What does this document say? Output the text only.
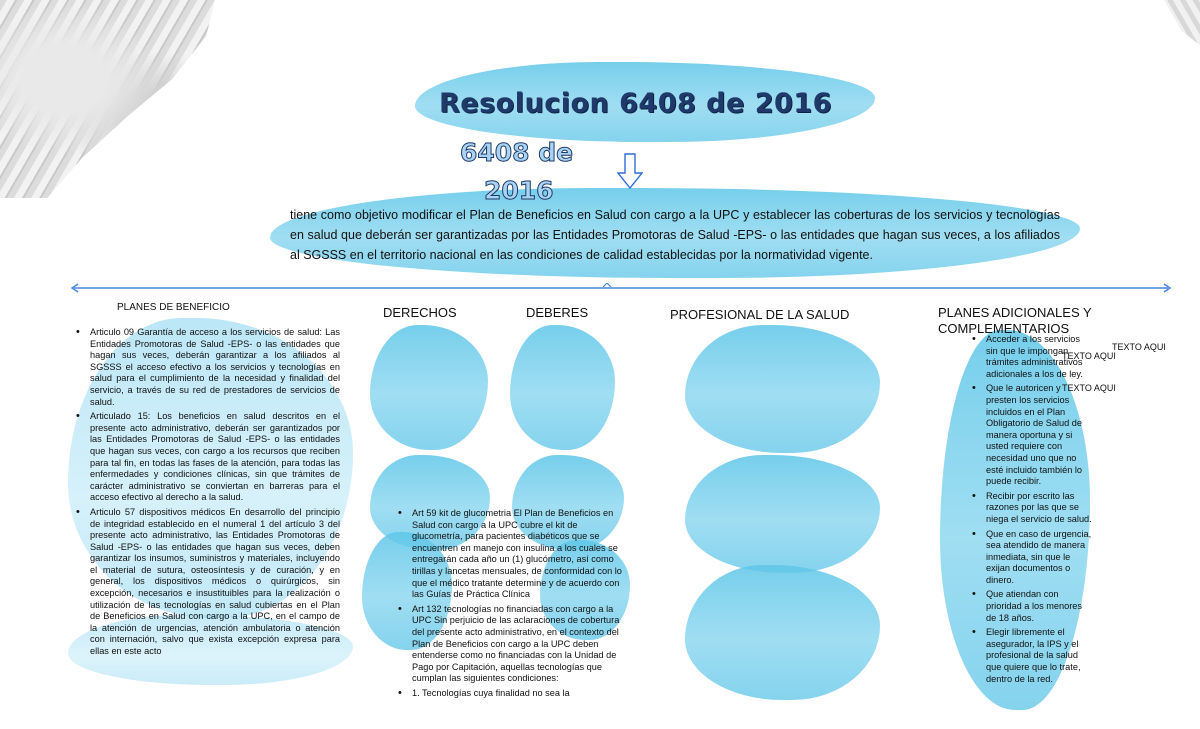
Resolucion 6408 de 2016
6408 de
2016
tiene como objetivo modificar el Plan de Beneficios en Salud con cargo a la UPC y establecer las coberturas de los servicios y tecnologías en salud que deberán ser garantizadas por las Entidades Promotoras de Salud -EPS- o las entidades que hagan sus veces, a los afiliados al SGSSS en el territorio nacional en las condiciones de calidad establecidas por la normatividad vigente.
PLANES DE BENEFICIO	DERECHOS	DEBERES	PROFESIONAL DE LA SALUD	PLANES ADICIONALES Y COMPLEMENTARIOS
• Articulo 09 Garantía de acceso a los servicios de salud: Las Entidades Promotoras de Salud -EPS- o las entidades que hagan sus veces, deberán garantizar a los afiliados al SGSSS el acceso efectivo a los servicios y tecnologías en salud para el cumplimiento de la necesidad y finalidad del servicio, a través de su red de prestadores de servicios de salud.
• Articulado 15: Los beneficios en salud descritos en el presente acto administrativo, deberán ser garantizados por las Entidades Promotoras de Salud -EPS- o las entidades que hagan sus veces, con cargo a los recursos que reciben para tal fin, en todas las fases de la atención, para todas las enfermedades y condiciones clínicas, sin que trámites de carácter administrativo se conviertan en barreras para el acceso efectivo al derecho a la salud.
• Articulo 57 dispositivos médicos En desarrollo del principio de integridad establecido en el numeral 1 del artículo 3 del presente acto administrativo, las Entidades Promotoras de Salud -EPS- o las entidades que hagan sus veces, deben garantizar los insumos, suministros y materiales, incluyendo el material de sutura, osteosíntesis y de curación, y en general, los dispositivos médicos o quirúrgicos, sin excepción, necesarios e insustituibles para la realización o utilización de las tecnologías en salud cubiertas en el Plan de Beneficios en Salud con cargo a la UPC, en el campo de la atención de urgencias, atención ambulatoria o atención con internación, salvo que exista excepción expresa para ellas en este acto
• Art 59 kit de glucometria El Plan de Beneficios en Salud con cargo a la UPC cubre el kit de glucometría, para pacientes diabéticos que se encuentren en manejo con insulina a los cuales se entregarán cada año un (1) glucómetro, así como tirillas y lancetas mensuales, de conformidad con lo que el médico tratante determine y de acuerdo con las Guías de Práctica Clínica
• Art 132 tecnologías no financiadas con cargo a la UPC Sin perjuicio de las aclaraciones de cobertura del presente acto administrativo, en el contexto del Plan de Beneficios con cargo a la UPC deben entenderse como no financiadas con la Unidad de Pago por Capitación, aquellas tecnologías que cumplan las siguientes condiciones:
• 1. Tecnologías cuya finalidad no sea la
• Acceder a los servicios sin que le impongan trámites administrativos adicionales a los de ley.
• Que le autoricen y presten los servicios incluidos en el Plan Obligatorio de Salud de manera oportuna y si usted requiere con necesidad uno que no esté incluido también lo puede recibir.
• Recibir por escrito las razones por las que se niega el servicio de salud.
• Que en caso de urgencia, sea atendido de manera inmediata, sin que le exijan documentos o dinero.
• Que atiendan con prioridad a los menores de 18 años.
• Elegir libremente el asegurador, la IPS y el profesional de la salud que quiere que lo trate, dentro de la red.
TEXTO AQUI
TEXTO AQUI
TEXTO AQUI
